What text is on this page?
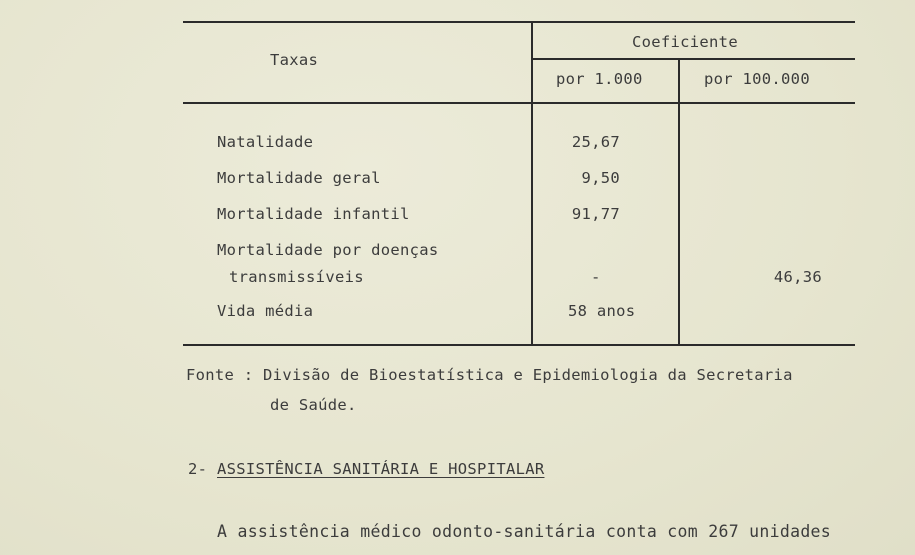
Taxas
Coeficiente
por 1.000	por 100.000
Natalidade	25,67
Mortalidade geral	9,50
Mortalidade infantil	91,77
Mortalidade por doenças
transmissíveis	-	46,36
Vida média	58 anos
Fonte : Divisão de Bioestatística e Epidemiologia da Secretaria
de Saúde.
2- ASSISTÊNCIA SANITÁRIA E HOSPITALAR
A assistência médico odonto-sanitária conta com 267 unidades
